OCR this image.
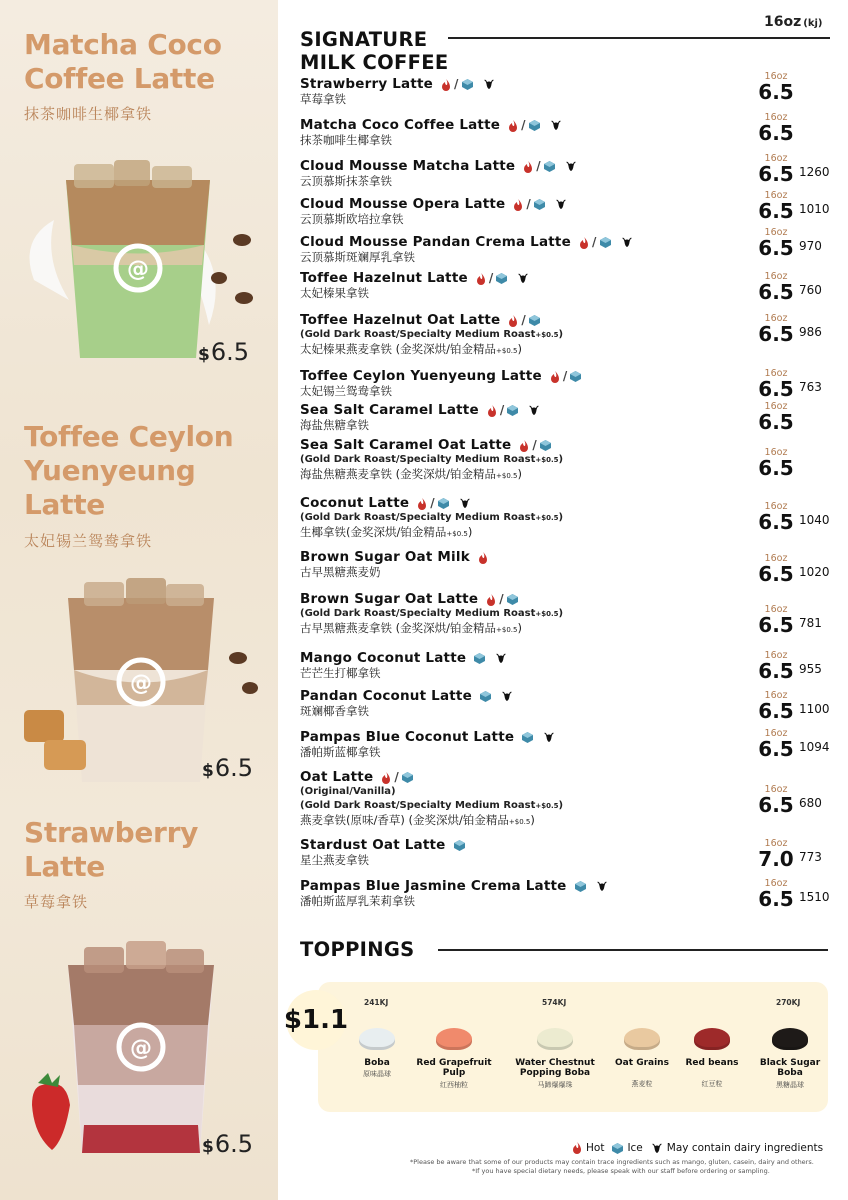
Matcha Coco
Coffee Latte
抹茶咖啡生椰拿铁
@
$6.5
Toffee Ceylon
Yuenyeung
Latte
太妃锡兰鸳鸯拿铁
@
$6.5
Strawberry
Latte
草莓拿铁
@
$6.5
16oz (kj)
SIGNATURE
MILK COFFEE
Strawberry Latte /
草莓拿铁
Matcha Coco Coffee Latte /
抹茶咖啡生椰拿铁
Cloud Mousse Matcha Latte /
云顶慕斯抹茶拿铁
Cloud Mousse Opera Latte /
云顶慕斯欧培拉拿铁
Cloud Mousse Pandan Crema Latte /
云顶慕斯斑斓厚乳拿铁
Toffee Hazelnut Latte /
太妃榛果拿铁
Toffee Hazelnut Oat Latte /
(Gold Dark Roast/Specialty Medium Roast+$0.5)
太妃榛果燕麦拿铁 (金奖深烘/铂金精品+$0.5)
Toffee Ceylon Yuenyeung Latte /
太妃锡兰鸳鸯拿铁
Sea Salt Caramel Latte /
海盐焦糖拿铁
Sea Salt Caramel Oat Latte /
(Gold Dark Roast/Specialty Medium Roast+$0.5)
海盐焦糖燕麦拿铁 (金奖深烘/铂金精品+$0.5)
Coconut Latte /
(Gold Dark Roast/Specialty Medium Roast+$0.5)
生椰拿铁(金奖深烘/铂金精品+$0.5)
Brown Sugar Oat Milk
古早黑糖燕麦奶
Brown Sugar Oat Latte /
(Gold Dark Roast/Specialty Medium Roast+$0.5)
古早黑糖燕麦拿铁 (金奖深烘/铂金精品+$0.5)
Mango Coconut Latte
芒芒生打椰拿铁
Pandan Coconut Latte
斑斓椰香拿铁
Pampas Blue Coconut Latte
潘帕斯蓝椰拿铁
Oat Latte /
(Original/Vanilla)
(Gold Dark Roast/Specialty Medium Roast+$0.5)
燕麦拿铁(原味/香草) (金奖深烘/铂金精品+$0.5)
Stardust Oat Latte
星尘燕麦拿铁
Pampas Blue Jasmine Crema Latte
潘帕斯蓝厚乳茉莉拿铁
TOPPINGS
$1.1
241KJ	574KJ	270KJ
Boba
原味晶球
Red Grapefruit Pulp
红西柚粒
Water Chestnut Popping Boba
马蹄爆爆珠
Oat Grains
燕麦粒
Red beans
红豆粒
Black Sugar Boba
黑糖晶球
Hot Ice May contain dairy ingredients
*Please be aware that some of our products may contain trace ingredients such as mango, gluten, casein, dairy and others.
*If you have special dietary needs, please speak with our staff before ordering or sampling.
16oz
6.5
16oz
6.5
16oz
6.5 1260
16oz
6.5 1010
16oz
6.5 970
16oz
6.5 760
16oz
6.5 986
16oz
6.5 763
16oz
6.5
16oz
6.5
16oz
6.5 1040
16oz
6.5 1020
16oz
6.5 781
16oz
6.5 955
16oz
6.5 1100
16oz
6.5 1094
16oz
6.5 680
16oz
7.0 773
16oz
6.5 1510
